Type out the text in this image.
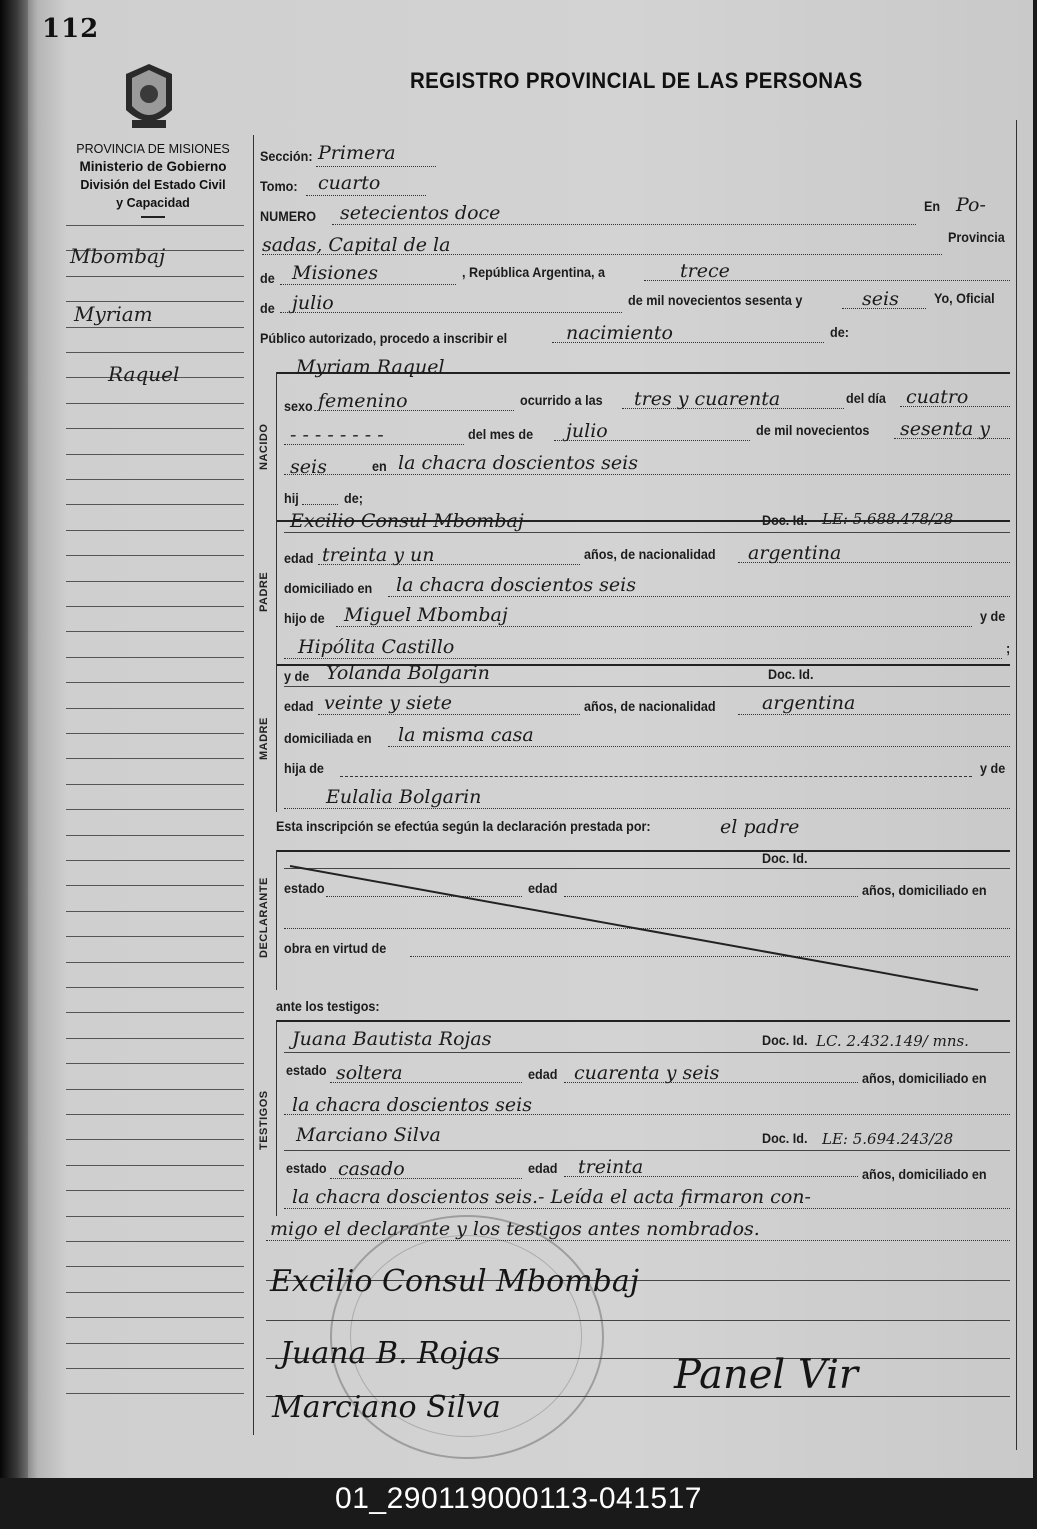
112
REGISTRO PROVINCIAL DE LAS PERSONAS
PROVINCIA DE MISIONES
Ministerio de Gobierno
División del Estado Civil
y Capacidad
Mbombaj
Myriam
Raquel
Sección: Primera
Tomo: cuarto
NUMERO setecientos doce	En Po-
sadas, Capital de la	Provincia
de Misiones	, República Argentina, a	trece
de julio	de mil novecientos sesenta y	seis	Yo, Oficial
Público autorizado, procedo a inscribir el	nacimiento	de:
NACIDO
Myriam Raquel
sexo femenino	ocurrido a las tres y cuarenta	del día cuatro
- - - - - - - -	del mes de julio	de mil novecientos sesenta y
seis	en la chacra doscientos seis
hij	de;
PADRE
Excilio Consul Mbombaj	Doc. Id. LE: 5.688.478/28
edad treinta y un	años, de nacionalidad argentina
domiciliado en la chacra doscientos seis
hijo de Miguel Mbombaj	y de
Hipólita Castillo	;
MADRE
y de Yolanda Bolgarin	Doc. Id.
edad veinte y siete	años, de nacionalidad argentina
domiciliada en la misma casa
hija de	y de
Eulalia Bolgarin
Esta inscripción se efectúa según la declaración prestada por:	el padre
DECLARANTE
Doc. Id.
estado	edad	años, domiciliado en
obra en virtud de
ante los testigos:
TESTIGOS
Juana Bautista Rojas	Doc. Id. LC. 2.432.149/ mns.
estado soltera	edad cuarenta y seis	años, domiciliado en
la chacra doscientos seis
Marciano Silva	Doc. Id. LE: 5.694.243/28
estado casado	edad treinta	años, domiciliado en
la chacra doscientos seis.- Leída el acta firmaron con-
migo el declarante y los testigos antes nombrados.
Excilio Consul Mbombaj
Juana B. Rojas
Marciano Silva
Panel Vir
01_290119000113-041517
